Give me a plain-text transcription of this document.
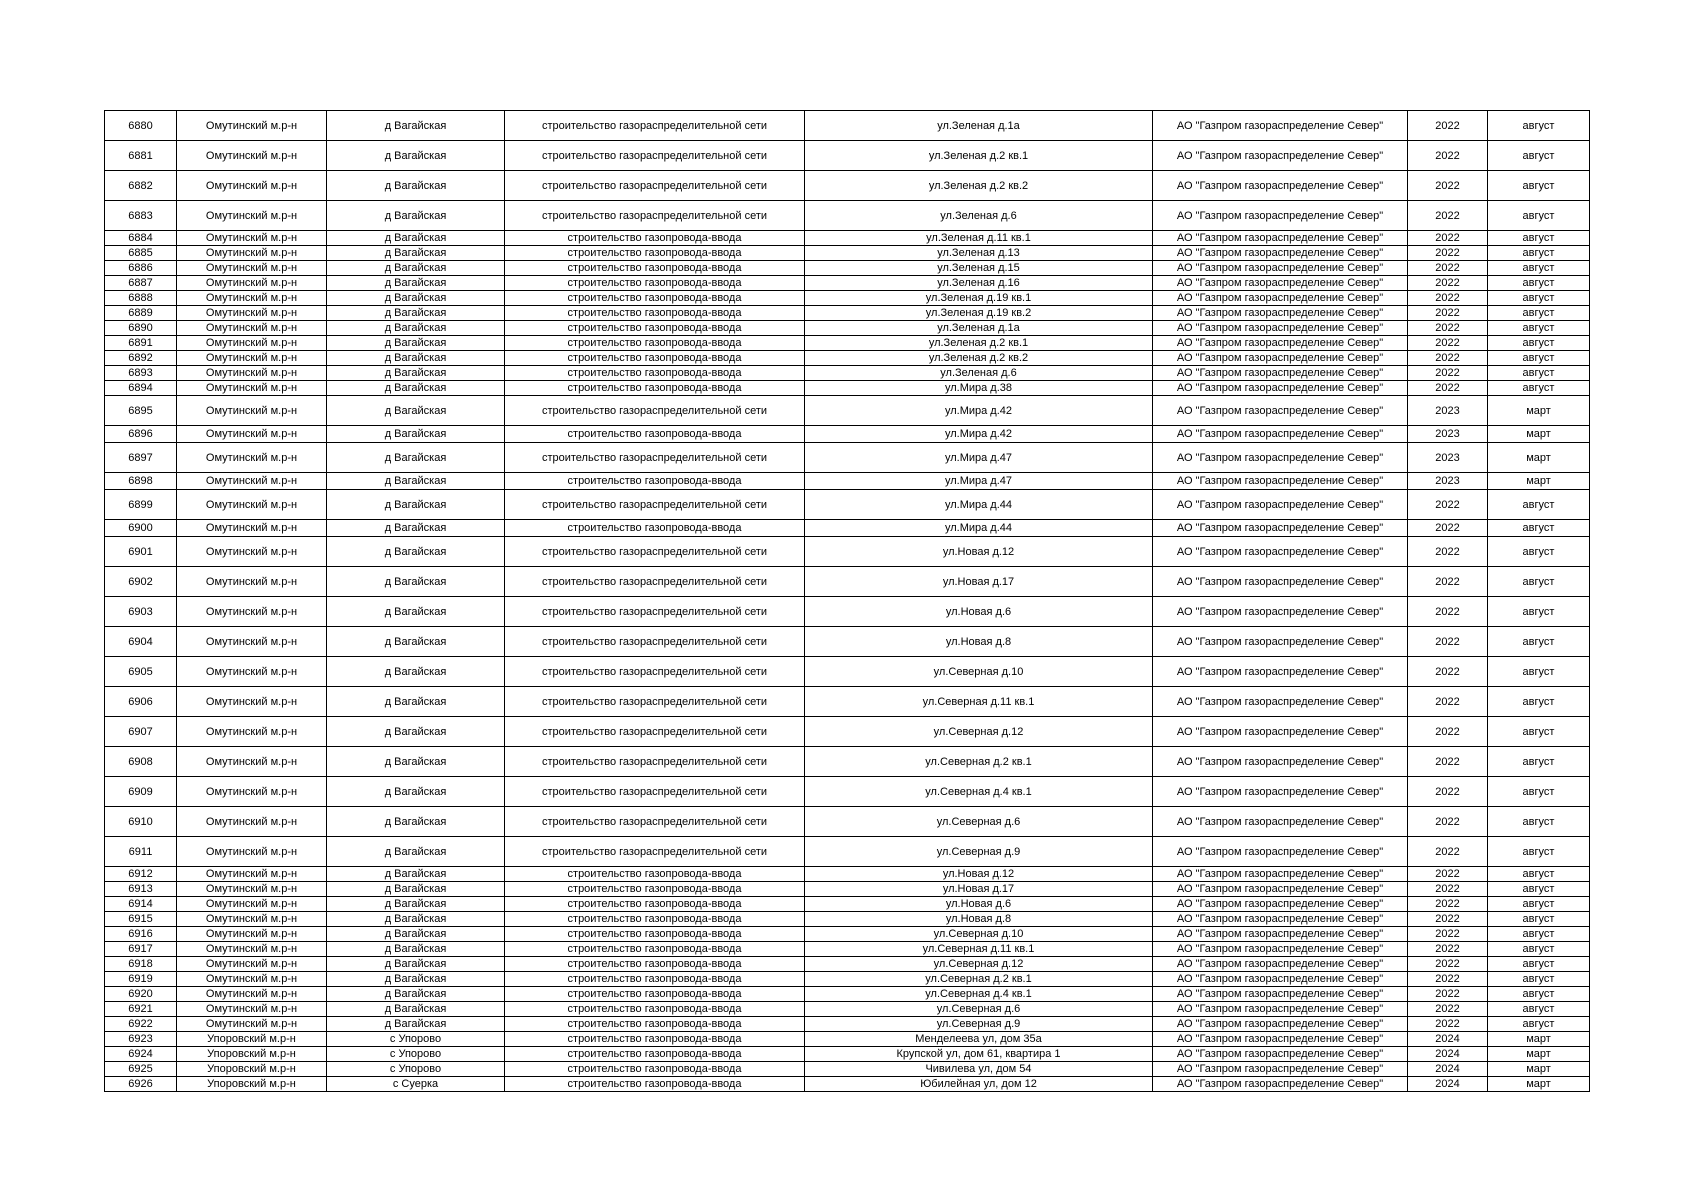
6880	Омутинский м.р-н	д Вагайская	строительство газораспределительной сети	ул.Зеленая д.1а	АО "Газпром газораспределение Север"	2022	август
6881	Омутинский м.р-н	д Вагайская	строительство газораспределительной сети	ул.Зеленая д.2 кв.1	АО "Газпром газораспределение Север"	2022	август
6882	Омутинский м.р-н	д Вагайская	строительство газораспределительной сети	ул.Зеленая д.2 кв.2	АО "Газпром газораспределение Север"	2022	август
6883	Омутинский м.р-н	д Вагайская	строительство газораспределительной сети	ул.Зеленая д.6	АО "Газпром газораспределение Север"	2022	август
6884	Омутинский м.р-н	д Вагайская	строительство газопровода-ввода	ул.Зеленая д.11 кв.1	АО "Газпром газораспределение Север"	2022	август
6885	Омутинский м.р-н	д Вагайская	строительство газопровода-ввода	ул.Зеленая д.13	АО "Газпром газораспределение Север"	2022	август
6886	Омутинский м.р-н	д Вагайская	строительство газопровода-ввода	ул.Зеленая д.15	АО "Газпром газораспределение Север"	2022	август
6887	Омутинский м.р-н	д Вагайская	строительство газопровода-ввода	ул.Зеленая д.16	АО "Газпром газораспределение Север"	2022	август
6888	Омутинский м.р-н	д Вагайская	строительство газопровода-ввода	ул.Зеленая д.19 кв.1	АО "Газпром газораспределение Север"	2022	август
6889	Омутинский м.р-н	д Вагайская	строительство газопровода-ввода	ул.Зеленая д.19 кв.2	АО "Газпром газораспределение Север"	2022	август
6890	Омутинский м.р-н	д Вагайская	строительство газопровода-ввода	ул.Зеленая д.1а	АО "Газпром газораспределение Север"	2022	август
6891	Омутинский м.р-н	д Вагайская	строительство газопровода-ввода	ул.Зеленая д.2 кв.1	АО "Газпром газораспределение Север"	2022	август
6892	Омутинский м.р-н	д Вагайская	строительство газопровода-ввода	ул.Зеленая д.2 кв.2	АО "Газпром газораспределение Север"	2022	август
6893	Омутинский м.р-н	д Вагайская	строительство газопровода-ввода	ул.Зеленая д.6	АО "Газпром газораспределение Север"	2022	август
6894	Омутинский м.р-н	д Вагайская	строительство газопровода-ввода	ул.Мира д.38	АО "Газпром газораспределение Север"	2022	август
6895	Омутинский м.р-н	д Вагайская	строительство газораспределительной сети	ул.Мира д.42	АО "Газпром газораспределение Север"	2023	март
6896	Омутинский м.р-н	д Вагайская	строительство газопровода-ввода	ул.Мира д.42	АО "Газпром газораспределение Север"	2023	март
6897	Омутинский м.р-н	д Вагайская	строительство газораспределительной сети	ул.Мира д.47	АО "Газпром газораспределение Север"	2023	март
6898	Омутинский м.р-н	д Вагайская	строительство газопровода-ввода	ул.Мира д.47	АО "Газпром газораспределение Север"	2023	март
6899	Омутинский м.р-н	д Вагайская	строительство газораспределительной сети	ул.Мира д.44	АО "Газпром газораспределение Север"	2022	август
6900	Омутинский м.р-н	д Вагайская	строительство газопровода-ввода	ул.Мира д.44	АО "Газпром газораспределение Север"	2022	август
6901	Омутинский м.р-н	д Вагайская	строительство газораспределительной сети	ул.Новая д.12	АО "Газпром газораспределение Север"	2022	август
6902	Омутинский м.р-н	д Вагайская	строительство газораспределительной сети	ул.Новая д.17	АО "Газпром газораспределение Север"	2022	август
6903	Омутинский м.р-н	д Вагайская	строительство газораспределительной сети	ул.Новая д.6	АО "Газпром газораспределение Север"	2022	август
6904	Омутинский м.р-н	д Вагайская	строительство газораспределительной сети	ул.Новая д.8	АО "Газпром газораспределение Север"	2022	август
6905	Омутинский м.р-н	д Вагайская	строительство газораспределительной сети	ул.Северная д.10	АО "Газпром газораспределение Север"	2022	август
6906	Омутинский м.р-н	д Вагайская	строительство газораспределительной сети	ул.Северная д.11 кв.1	АО "Газпром газораспределение Север"	2022	август
6907	Омутинский м.р-н	д Вагайская	строительство газораспределительной сети	ул.Северная д.12	АО "Газпром газораспределение Север"	2022	август
6908	Омутинский м.р-н	д Вагайская	строительство газораспределительной сети	ул.Северная д.2 кв.1	АО "Газпром газораспределение Север"	2022	август
6909	Омутинский м.р-н	д Вагайская	строительство газораспределительной сети	ул.Северная д.4 кв.1	АО "Газпром газораспределение Север"	2022	август
6910	Омутинский м.р-н	д Вагайская	строительство газораспределительной сети	ул.Северная д.6	АО "Газпром газораспределение Север"	2022	август
6911	Омутинский м.р-н	д Вагайская	строительство газораспределительной сети	ул.Северная д.9	АО "Газпром газораспределение Север"	2022	август
6912	Омутинский м.р-н	д Вагайская	строительство газопровода-ввода	ул.Новая д.12	АО "Газпром газораспределение Север"	2022	август
6913	Омутинский м.р-н	д Вагайская	строительство газопровода-ввода	ул.Новая д.17	АО "Газпром газораспределение Север"	2022	август
6914	Омутинский м.р-н	д Вагайская	строительство газопровода-ввода	ул.Новая д.6	АО "Газпром газораспределение Север"	2022	август
6915	Омутинский м.р-н	д Вагайская	строительство газопровода-ввода	ул.Новая д.8	АО "Газпром газораспределение Север"	2022	август
6916	Омутинский м.р-н	д Вагайская	строительство газопровода-ввода	ул.Северная д.10	АО "Газпром газораспределение Север"	2022	август
6917	Омутинский м.р-н	д Вагайская	строительство газопровода-ввода	ул.Северная д.11 кв.1	АО "Газпром газораспределение Север"	2022	август
6918	Омутинский м.р-н	д Вагайская	строительство газопровода-ввода	ул.Северная д.12	АО "Газпром газораспределение Север"	2022	август
6919	Омутинский м.р-н	д Вагайская	строительство газопровода-ввода	ул.Северная д.2 кв.1	АО "Газпром газораспределение Север"	2022	август
6920	Омутинский м.р-н	д Вагайская	строительство газопровода-ввода	ул.Северная д.4 кв.1	АО "Газпром газораспределение Север"	2022	август
6921	Омутинский м.р-н	д Вагайская	строительство газопровода-ввода	ул.Северная д.6	АО "Газпром газораспределение Север"	2022	август
6922	Омутинский м.р-н	д Вагайская	строительство газопровода-ввода	ул.Северная д.9	АО "Газпром газораспределение Север"	2022	август
6923	Упоровский м.р-н	с Упорово	строительство газопровода-ввода	Менделеева ул, дом 35а	АО "Газпром газораспределение Север"	2024	март
6924	Упоровский м.р-н	с Упорово	строительство газопровода-ввода	Крупской ул, дом 61, квартира 1	АО "Газпром газораспределение Север"	2024	март
6925	Упоровский м.р-н	с Упорово	строительство газопровода-ввода	Чивилева ул, дом 54	АО "Газпром газораспределение Север"	2024	март
6926	Упоровский м.р-н	с Суерка	строительство газопровода-ввода	Юбилейная ул, дом 12	АО "Газпром газораспределение Север"	2024	март
